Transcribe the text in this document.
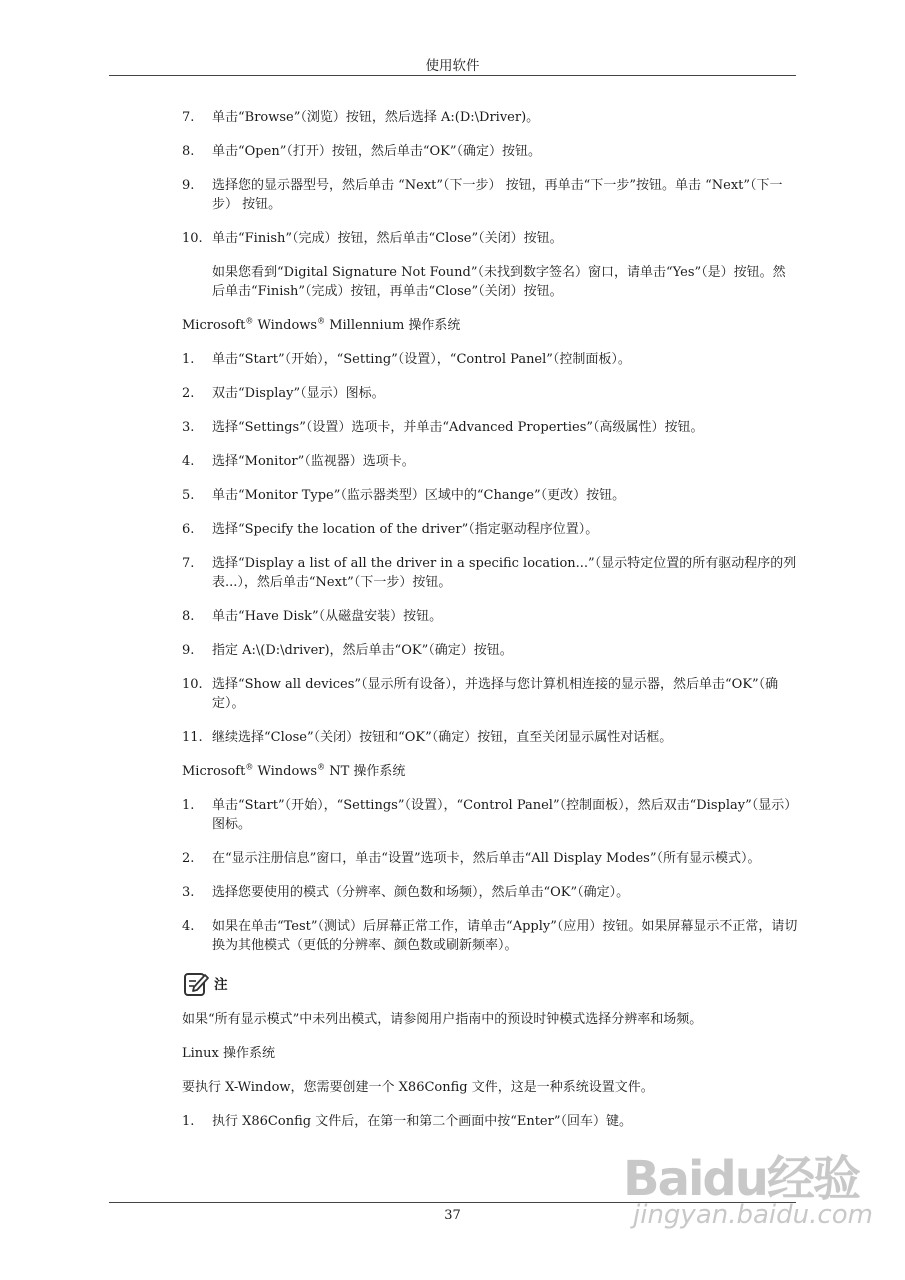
使用软件
7. 单击“Browse”（浏览）按钮，然后选择 A:(D:\Driver)。
8. 单击“Open”（打开）按钮，然后单击“OK”（确定）按钮。
9. 选择您的显示器型号，然后单击 “Next”（下一步） 按钮，再单击“下一步”按钮。单击 “Next”（下一步） 按钮。
10. 单击“Finish”（完成）按钮，然后单击“Close”（关闭）按钮。

如果您看到“Digital Signature Not Found”（未找到数字签名）窗口，请单击“Yes”（是）按钮。然后单击“Finish”（完成）按钮，再单击“Close”（关闭）按钮。

Microsoft® Windows® Millennium 操作系统

1. 单击“Start”（开始），“Setting”（设置），“Control Panel”（控制面板）。
2. 双击“Display”（显示）图标。
3. 选择“Settings”（设置）选项卡，并单击“Advanced Properties”（高级属性）按钮。
4. 选择“Monitor”（监视器）选项卡。
5. 单击“Monitor Type”（监示器类型）区域中的“Change”（更改）按钮。
6. 选择“Specify the location of the driver”（指定驱动程序位置）。
7. 选择“Display a list of all the driver in a specific location...”（显示特定位置的所有驱动程序的列表...），然后单击“Next”（下一步）按钮。
8. 单击“Have Disk”（从磁盘安装）按钮。
9. 指定 A:\(D:\driver)，然后单击“OK”（确定）按钮。
10. 选择“Show all devices”（显示所有设备），并选择与您计算机相连接的显示器，然后单击“OK”（确定）。
11. 继续选择“Close”（关闭）按钮和“OK”（确定）按钮，直至关闭显示属性对话框。

Microsoft® Windows® NT 操作系统

1. 单击“Start”（开始），“Settings”（设置），“Control Panel”（控制面板），然后双击“Display”（显示）图标。
2. 在“显示注册信息”窗口，单击“设置”选项卡，然后单击“All Display Modes”（所有显示模式）。
3. 选择您要使用的模式（分辨率、颜色数和场频），然后单击“OK”（确定）。
4. 如果在单击“Test”（测试）后屏幕正常工作，请单击“Apply”（应用）按钮。如果屏幕显示不正常，请切换为其他模式（更低的分辨率、颜色数或刷新频率）。
注

如果“所有显示模式”中未列出模式，请参阅用户指南中的预设时钟模式选择分辨率和场频。

Linux 操作系统

要执行 X-Window，您需要创建一个 X86Config 文件，这是一种系统设置文件。

1. 执行 X86Config 文件后，在第一和第二个画面中按“Enter”（回车）键。
37
Baidu经验
jingyan.baidu.com
